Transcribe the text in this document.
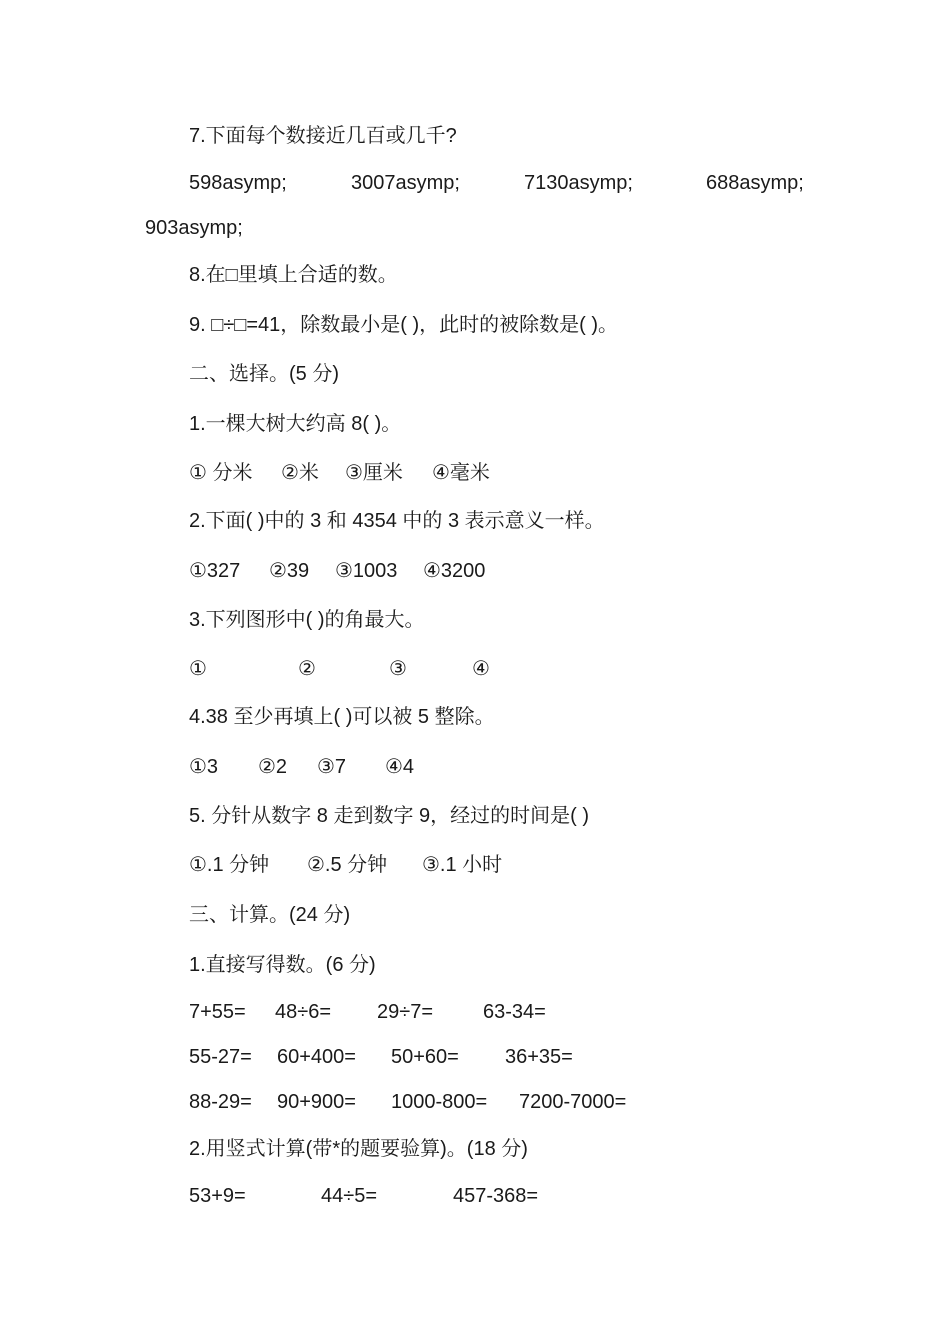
7.下面每个数接近几百或几千?
598asymp;	3007asymp;	7130asymp;	688asymp;
903asymp;
8.在□里填上合适的数。
9. □÷□=41，除数最小是( )，此时的被除数是( )。
二、选择。(5 分)
1.一棵大树大约高 8( )。
① 分米 ②米 ③厘米 ④毫米
2.下面( )中的 3 和 4354 中的 3 表示意义一样。
①327 ②39 ③1003 ④3200
3.下列图形中( )的角最大。
①	②	③	④
4.38 至少再填上( )可以被 5 整除。
①3 ②2 ③7 ④4
5. 分针从数字 8 走到数字 9，经过的时间是( )
①.1 分钟 ②.5 分钟 ③.1 小时
三、计算。(24 分)
1.直接写得数。(6 分)
7+55= 48÷6= 29÷7= 63-34=
55-27= 60+400= 50+60= 36+35=
88-29= 90+900= 1000-800= 7200-7000=
2.用竖式计算(带*的题要验算)。(18 分)
53+9=	44÷5=	457-368=
